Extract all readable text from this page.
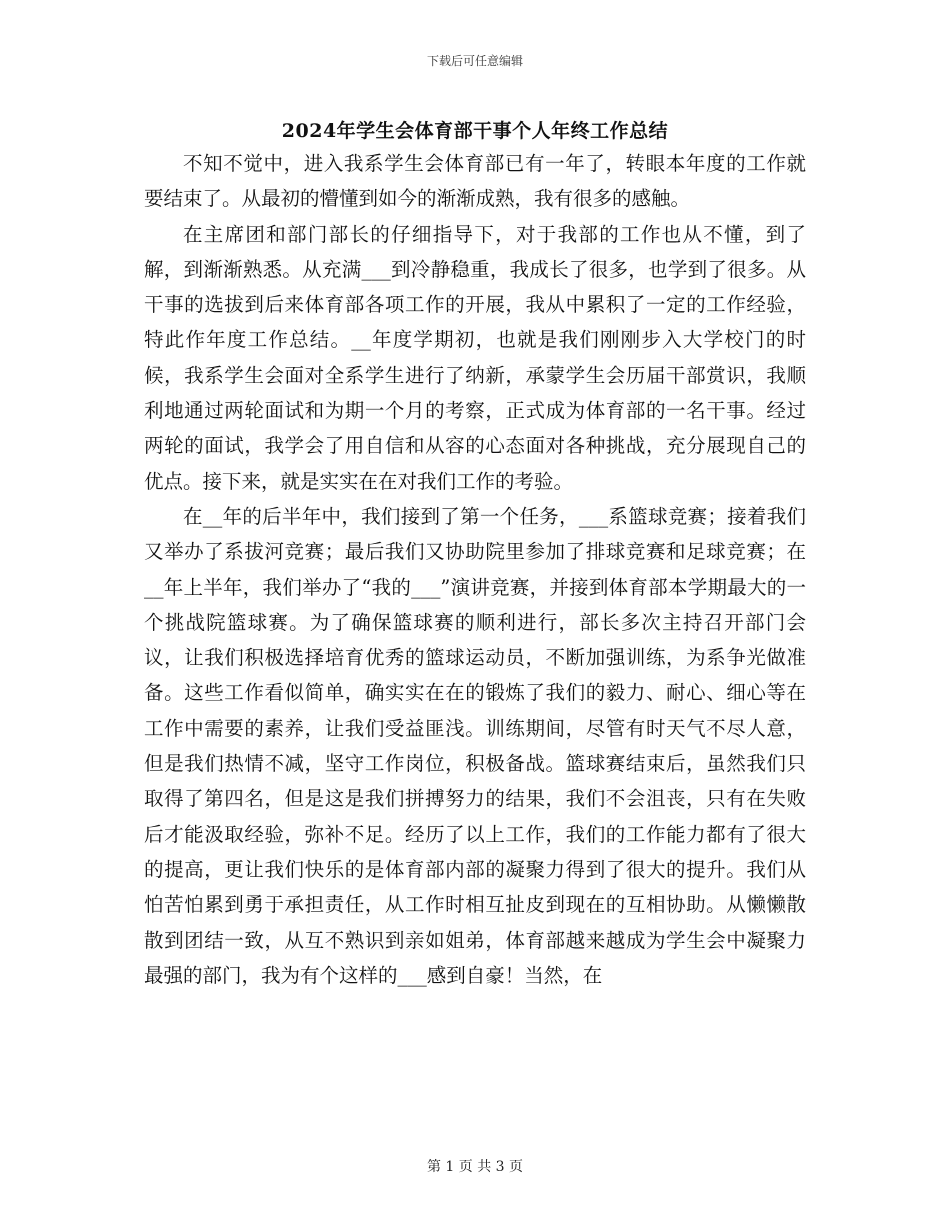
下载后可任意编辑
2024年学生会体育部干事个人年终工作总结

不知不觉中，进入我系学生会体育部已有一年了，转眼本年度的工作就要结束了。从最初的懵懂到如今的渐渐成熟，我有很多的感触。

在主席团和部门部长的仔细指导下，对于我部的工作也从不懂，到了解，到渐渐熟悉。从充满___到冷静稳重，我成长了很多，也学到了很多。从干事的选拔到后来体育部各项工作的开展，我从中累积了一定的工作经验，特此作年度工作总结。__年度学期初，也就是我们刚刚步入大学校门的时候，我系学生会面对全系学生进行了纳新，承蒙学生会历届干部赏识，我顺利地通过两轮面试和为期一个月的考察，正式成为体育部的一名干事。经过两轮的面试，我学会了用自信和从容的心态面对各种挑战，充分展现自己的优点。接下来，就是实实在在对我们工作的考验。

在__年的后半年中，我们接到了第一个任务，___系篮球竞赛；接着我们又举办了系拔河竞赛；最后我们又协助院里参加了排球竞赛和足球竞赛；在__年上半年，我们举办了“我的___”演讲竞赛，并接到体育部本学期最大的一个挑战院篮球赛。为了确保篮球赛的顺利进行，部长多次主持召开部门会议，让我们积极选择培育优秀的篮球运动员，不断加强训练，为系争光做准备。这些工作看似简单，确实实在在的锻炼了我们的毅力、耐心、细心等在工作中需要的素养，让我们受益匪浅。训练期间，尽管有时天气不尽人意，但是我们热情不减，坚守工作岗位，积极备战。篮球赛结束后，虽然我们只取得了第四名，但是这是我们拼搏努力的结果，我们不会沮丧，只有在失败后才能汲取经验，弥补不足。经历了以上工作，我们的工作能力都有了很大的提高，更让我们快乐的是体育部内部的凝聚力得到了很大的提升。我们从怕苦怕累到勇于承担责任，从工作时相互扯皮到现在的互相协助。从懒懒散散到团结一致，从互不熟识到亲如姐弟，体育部越来越成为学生会中凝聚力最强的部门，我为有个这样的___感到自豪！当然，在

第 1 页 共 3 页
